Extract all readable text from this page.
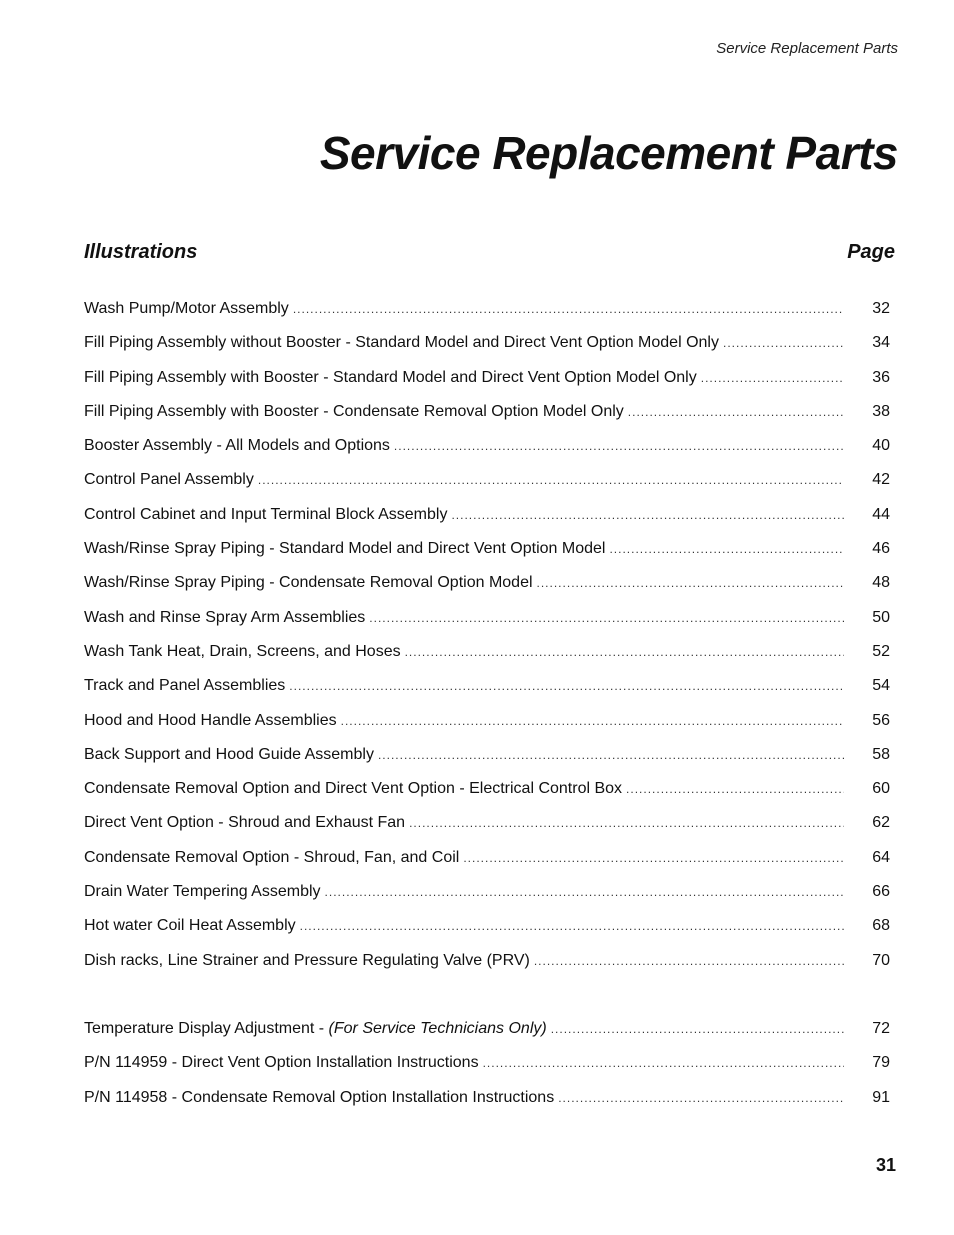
Service Replacement Parts
Service Replacement Parts
Illustrations	Page
Wash Pump/Motor Assembly .....	32
Fill Piping Assembly without Booster - Standard Model and Direct Vent Option Model Only .....	34
Fill Piping Assembly with Booster - Standard Model and Direct Vent Option Model Only .....	36
Fill Piping Assembly with Booster - Condensate Removal Option Model Only .....	38
Booster Assembly - All Models and Options .....	40
Control Panel Assembly .....	42
Control Cabinet and Input Terminal Block Assembly .....	44
Wash/Rinse Spray Piping - Standard Model and Direct Vent Option Model .....	46
Wash/Rinse Spray Piping - Condensate Removal Option Model .....	48
Wash and Rinse Spray Arm Assemblies .....	50
Wash Tank Heat, Drain, Screens, and Hoses .....	52
Track and Panel Assemblies .....	54
Hood and Hood Handle Assemblies .....	56
Back Support and Hood Guide Assembly .....	58
Condensate Removal Option and Direct Vent Option - Electrical Control Box .....	60
Direct Vent Option - Shroud and Exhaust Fan .....	62
Condensate Removal Option - Shroud, Fan, and Coil .....	64
Drain Water Tempering Assembly .....	66
Hot water Coil Heat Assembly .....	68
Dish racks, Line Strainer and Pressure Regulating Valve (PRV) .....	70
Temperature Display Adjustment - (For Service Technicians Only) .....	72
P/N 114959 - Direct Vent Option Installation Instructions .....	79
P/N 114958 - Condensate Removal Option Installation Instructions .....	91
31
